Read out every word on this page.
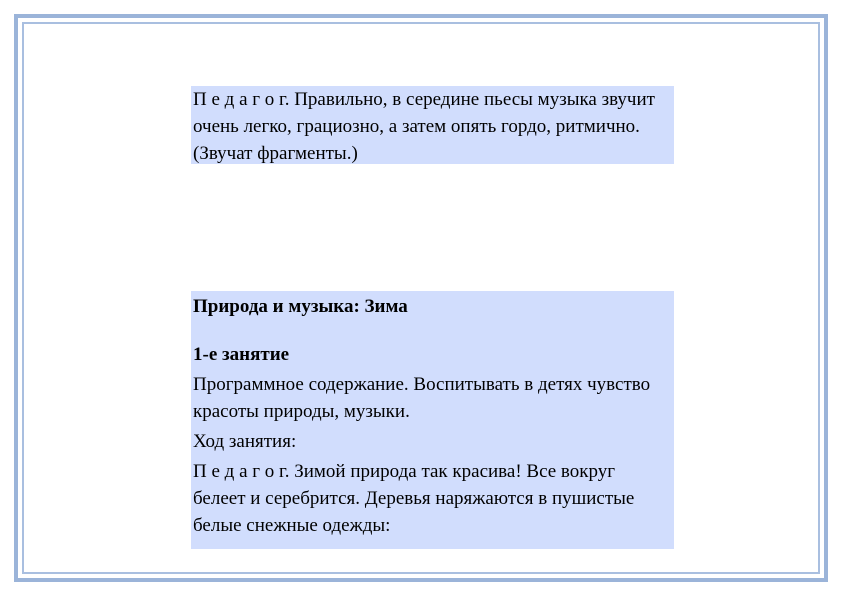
П е д а г о г. Правильно, в середине пьесы музыка звучит очень легко, грациозно, а затем опять гордо, ритмично. (Звучат фрагменты.)

Природа и музыка: Зима

1-е занятие

Программное содержание. Воспитывать в детях чувство красоты природы, музыки.

Ход занятия:

П е д а г о г. Зимой природа так красива! Все вокруг белеет и серебрится. Деревья наряжаются в пушистые белые снежные одежды:
